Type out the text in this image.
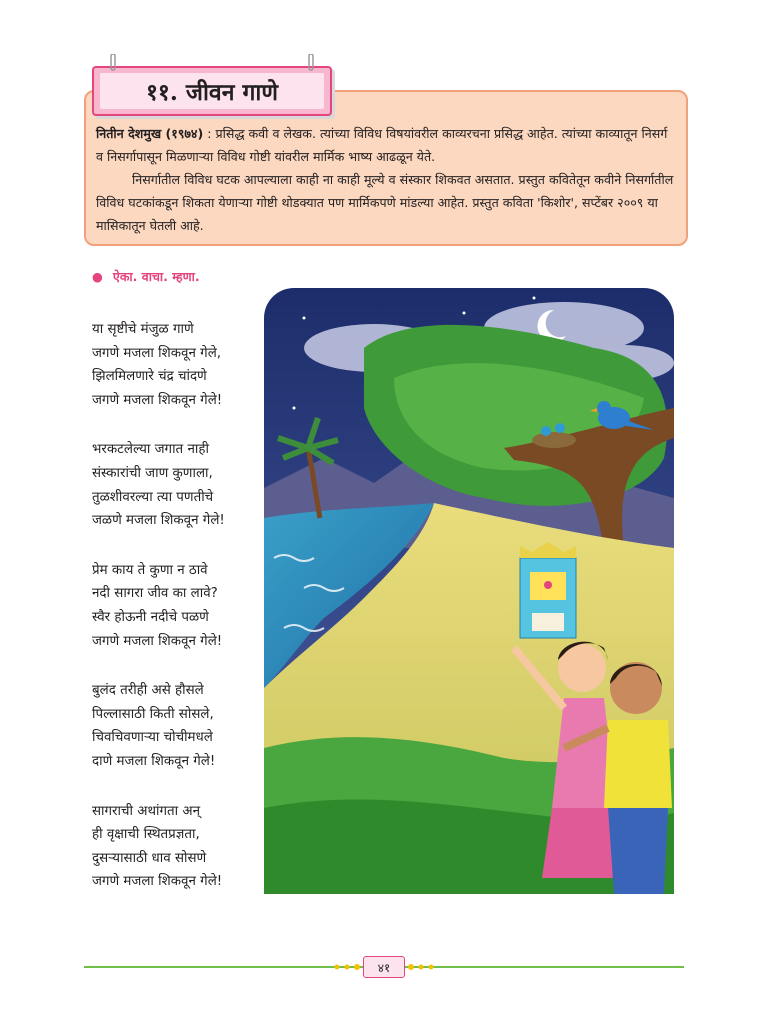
११. जीवन गाणे

नितीन देशमुख (१९७४) : प्रसिद्ध कवी व लेखक. त्यांच्या विविध विषयांवरील काव्यरचना प्रसिद्ध आहेत. त्यांच्या काव्यातून निसर्ग व निसर्गापासून मिळणाऱ्या विविध गोष्टी यांवरील मार्मिक भाष्य आढळून येते.

निसर्गातील विविध घटक आपल्याला काही ना काही मूल्ये व संस्कार शिकवत असतात. प्रस्तुत कवितेतून कवीने निसर्गातील विविध घटकांकडून शिकता येणाऱ्या गोष्टी थोडक्यात पण मार्मिकपणे मांडल्या आहेत. प्रस्तुत कविता 'किशोर', सप्टेंबर २००९ या मासिकातून घेतली आहे.

● ऐका. वाचा. म्हणा.
या सृष्टीचे मंजुळ गाणे
जगणे मजला शिकवून गेले,
झिलमिलणारे चंद्र चांदणे
जगणे मजला शिकवून गेले!
भरकटलेल्या जगात नाही
संस्कारांची जाण कुणाला,
तुळशीवरल्या त्या पणतीचे
जळणे मजला शिकवून गेले!
प्रेम काय ते कुणा न ठावे
नदी सागरा जीव का लावे?
स्वैर होऊनी नदीचे पळणे
जगणे मजला शिकवून गेले!
बुलंद तरीही असे हौसले
पिल्लासाठी किती सोसले,
चिवचिवणाऱ्या चोचीमधले
दाणे मजला शिकवून गेले!
सागराची अथांगता अन्
ही वृक्षाची स्थितप्रज्ञता,
दुसऱ्यासाठी धाव सोसणे
जगणे मजला शिकवून गेले!
४१
